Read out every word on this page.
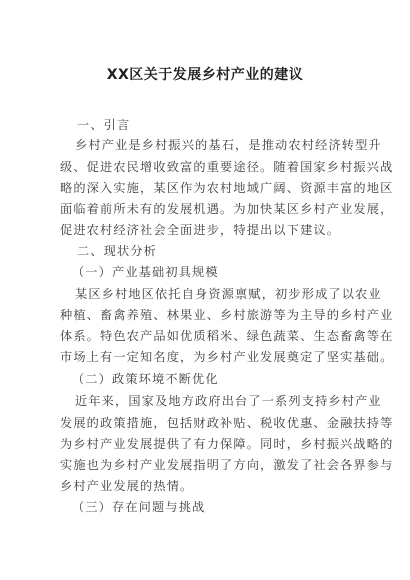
XX区关于发展乡村产业的建议
一、引言
乡村产业是乡村振兴的基石，是推动农村经济转型升
级、促进农民增收致富的重要途径。随着国家乡村振兴战
略的深入实施，某区作为农村地域广阔、资源丰富的地区
面临着前所未有的发展机遇。为加快某区乡村产业发展，
促进农村经济社会全面进步，特提出以下建议。
二、现状分析
（一）产业基础初具规模
某区乡村地区依托自身资源禀赋，初步形成了以农业
种植、畜禽养殖、林果业、乡村旅游等为主导的乡村产业
体系。特色农产品如优质稻米、绿色蔬菜、生态畜禽等在
市场上有一定知名度，为乡村产业发展奠定了坚实基础。
（二）政策环境不断优化
近年来，国家及地方政府出台了一系列支持乡村产业
发展的政策措施，包括财政补贴、税收优惠、金融扶持等
为乡村产业发展提供了有力保障。同时，乡村振兴战略的
实施也为乡村产业发展指明了方向，激发了社会各界参与
乡村产业发展的热情。
（三）存在问题与挑战
